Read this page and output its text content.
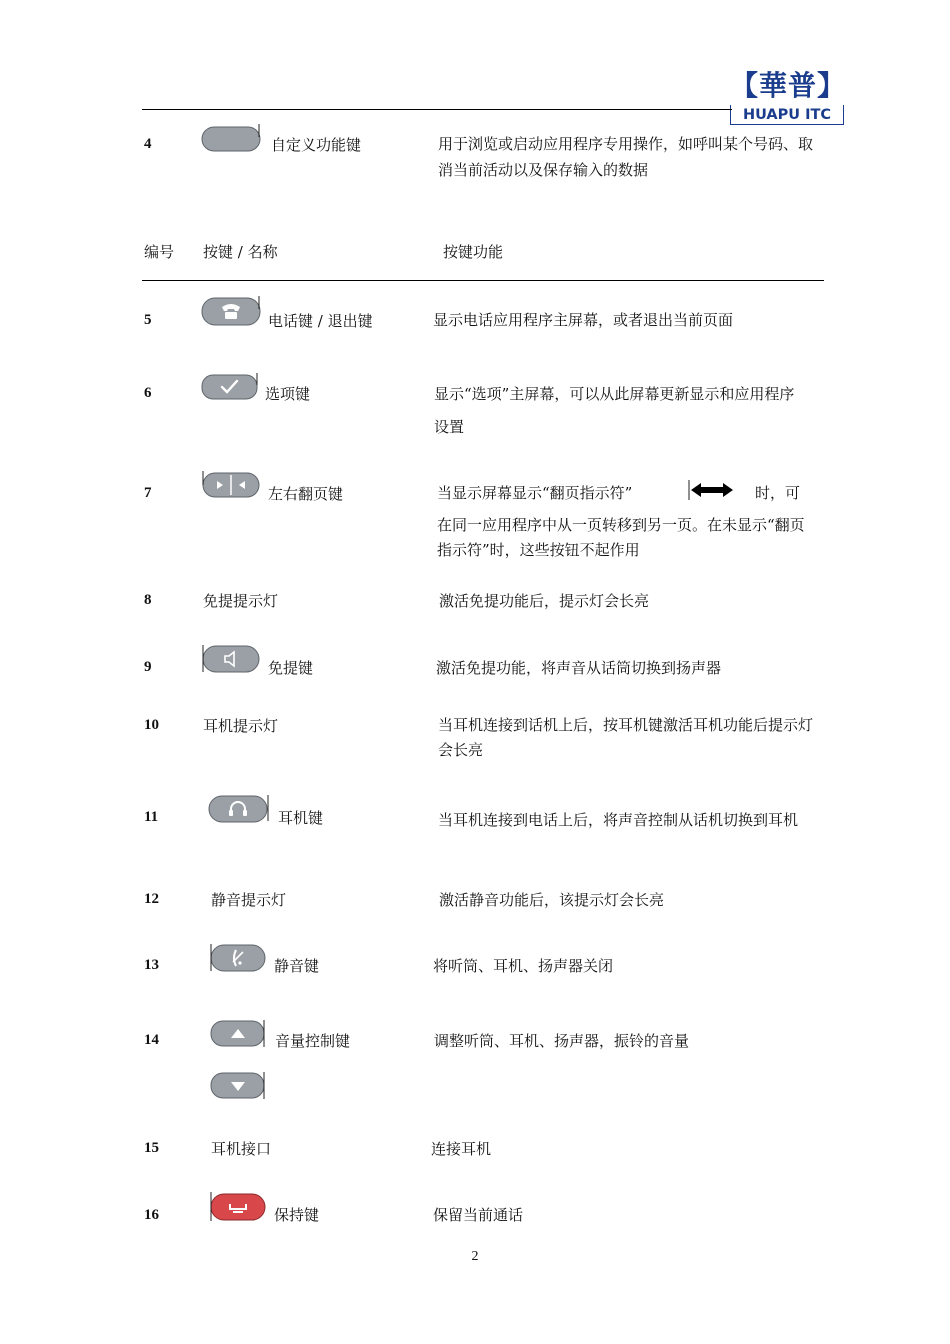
【華普】
HUAPU ITC
4	自定义功能键	用于浏览或启动应用程序专用操作，如呼叫某个号码、取消当前活动以及保存输入的数据
编号 按键 / 名称	按键功能
5	电话键 / 退出键	显示电话应用程序主屏幕，或者退出当前页面
6	选项键	显示“选项”主屏幕，可以从此屏幕更新显示和应用程序设置
7	左右翻页键	当显示屏幕显示“翻页指示符”	时，可
在同一应用程序中从一页转移到另一页。在未显示“翻页指示符”时，这些按钮不起作用
8	免提提示灯	激活免提功能后，提示灯会长亮
9	免提键	激活免提功能，将声音从话筒切换到扬声器
10	耳机提示灯	当耳机连接到话机上后，按耳机键激活耳机功能后提示灯会长亮
11	耳机键	当耳机连接到电话上后，将声音控制从话机切换到耳机
12	静音提示灯	激活静音功能后，该提示灯会长亮
13	静音键	将听筒、耳机、扬声器关闭
14	音量控制键	调整听筒、耳机、扬声器，振铃的音量
15	耳机接口	连接耳机
16	保持键	保留当前通话
2
